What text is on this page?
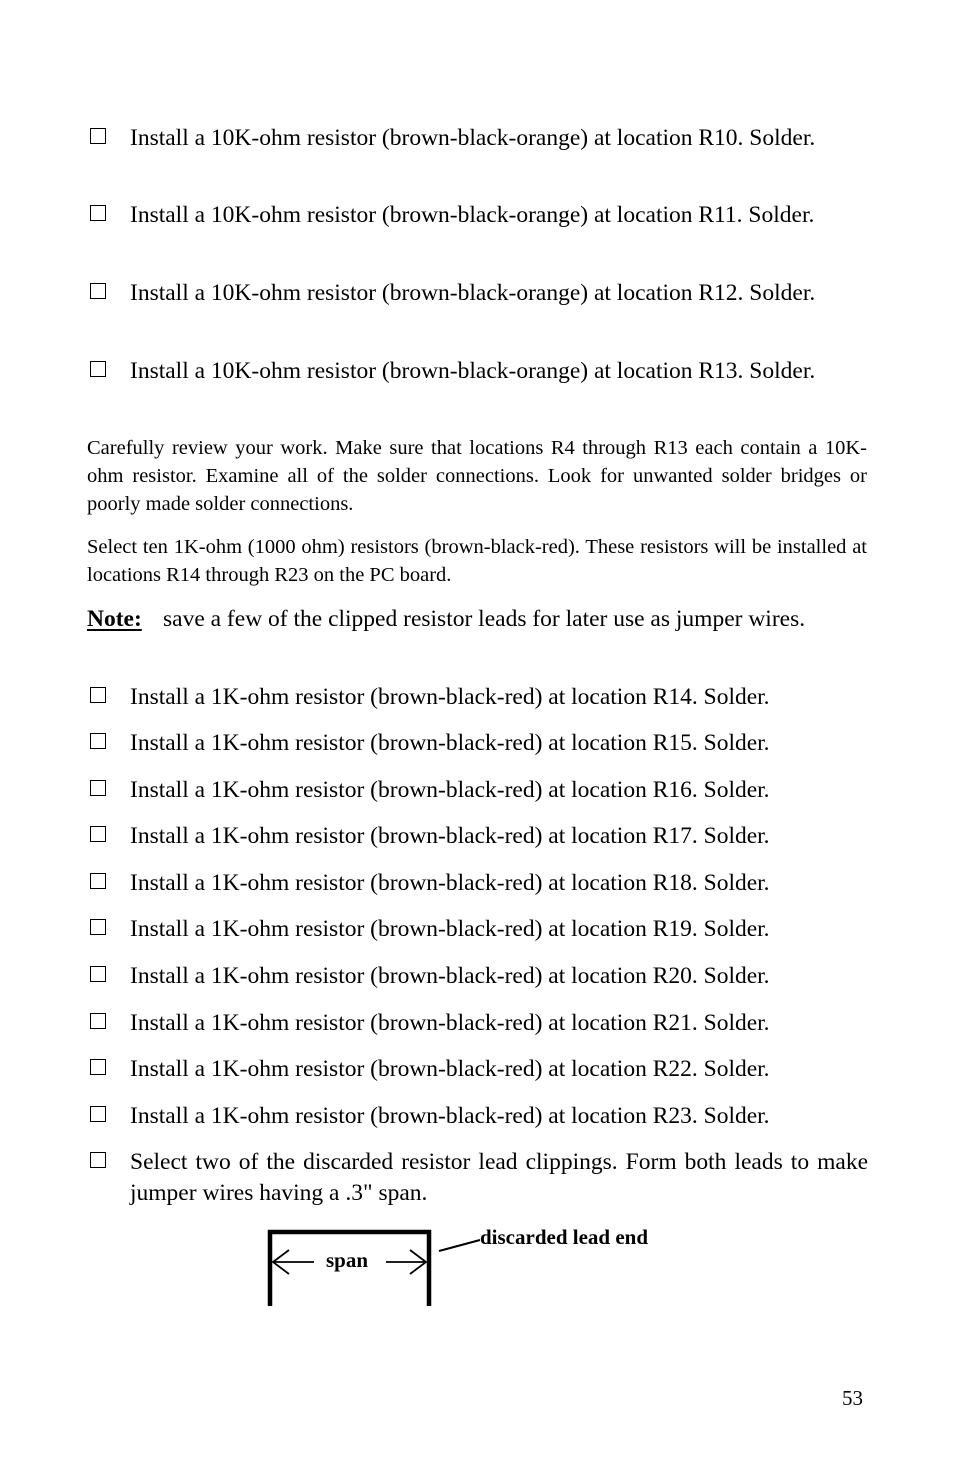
Install a 10K-ohm resistor (brown-black-orange) at location R10. Solder.
Install a 10K-ohm resistor (brown-black-orange) at location R11. Solder.
Install a 10K-ohm resistor (brown-black-orange) at location R12. Solder.
Install a 10K-ohm resistor (brown-black-orange) at location R13. Solder.
Carefully review your work. Make sure that locations R4 through R13 each contain a 10K-ohm resistor. Examine all of the solder connections. Look for unwanted solder bridges or poorly made solder connections.
Select ten 1K-ohm (1000 ohm) resistors (brown-black-red). These resistors will be installed at locations R14 through R23 on the PC board.
Note: save a few of the clipped resistor leads for later use as jumper wires.
Install a 1K-ohm resistor (brown-black-red) at location R14. Solder.
Install a 1K-ohm resistor (brown-black-red) at location R15. Solder.
Install a 1K-ohm resistor (brown-black-red) at location R16. Solder.
Install a 1K-ohm resistor (brown-black-red) at location R17. Solder.
Install a 1K-ohm resistor (brown-black-red) at location R18. Solder.
Install a 1K-ohm resistor (brown-black-red) at location R19. Solder.
Install a 1K-ohm resistor (brown-black-red) at location R20. Solder.
Install a 1K-ohm resistor (brown-black-red) at location R21. Solder.
Install a 1K-ohm resistor (brown-black-red) at location R22. Solder.
Install a 1K-ohm resistor (brown-black-red) at location R23. Solder.
Select two of the discarded resistor lead clippings. Form both leads to make jumper wires having a .3" span.
span
discarded lead end
53
